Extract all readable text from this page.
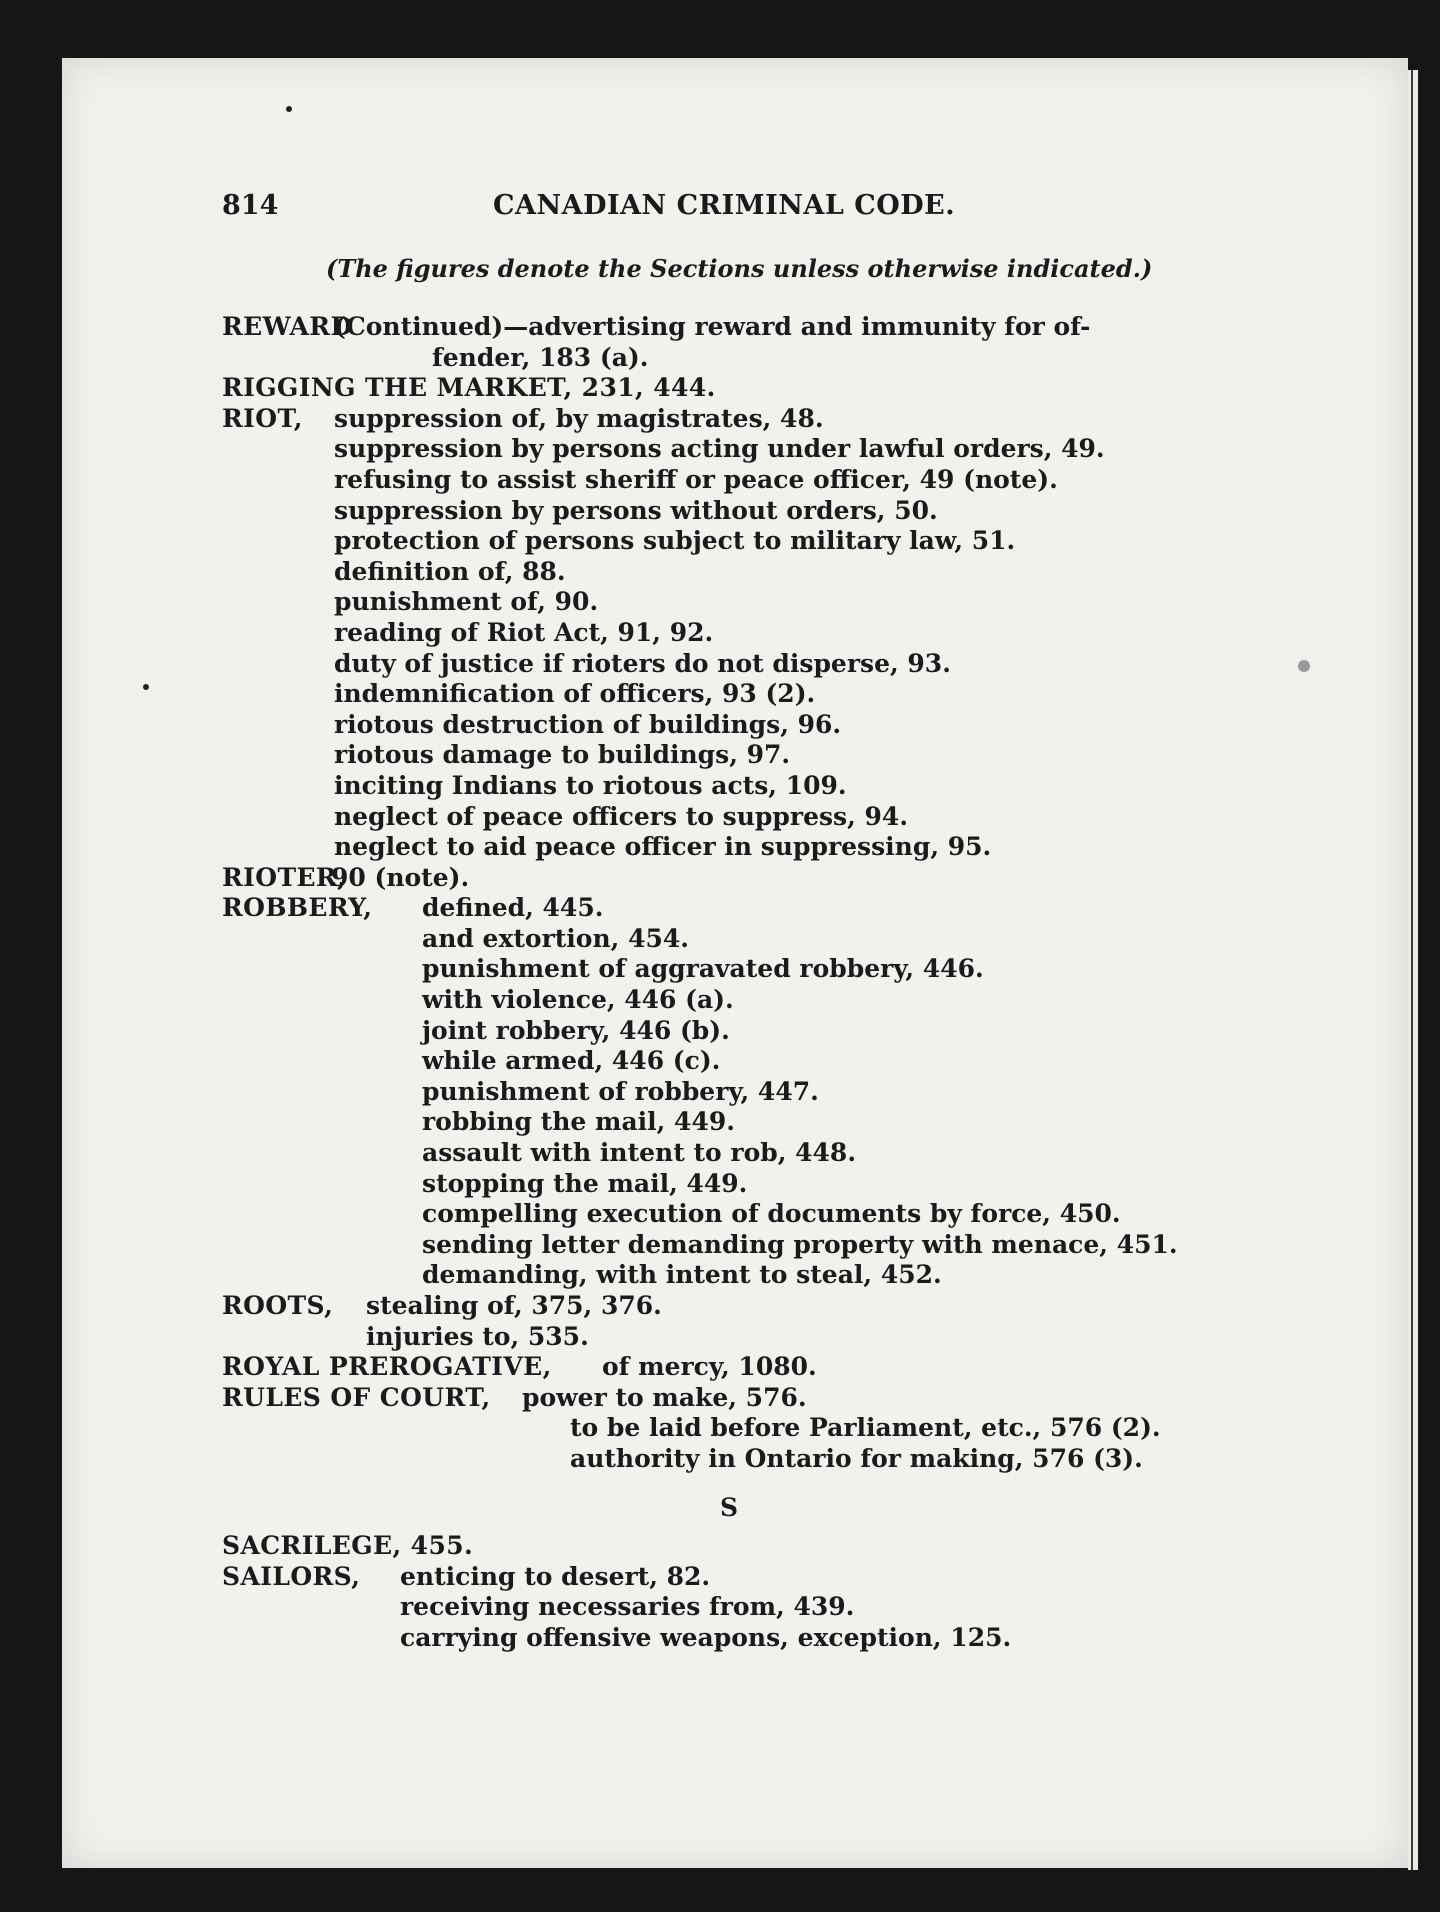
814	CANADIAN CRIMINAL CODE.
(The figures denote the Sections unless otherwise indicated.)
REWARD
(Continued)—advertising reward and immunity for of-
fender, 183 (a).
RIGGING THE MARKET, 231, 444.
RIOT, suppression of, by magistrates, 48.
suppression by persons acting under lawful orders, 49.
refusing to assist sheriff or peace officer, 49 (note).
suppression by persons without orders, 50.
protection of persons subject to military law, 51.
definition of, 88.
punishment of, 90.
reading of Riot Act, 91, 92.
duty of justice if rioters do not disperse, 93.
indemnification of officers, 93 (2).
riotous destruction of buildings, 96.
riotous damage to buildings, 97.
inciting Indians to riotous acts, 109.
neglect of peace officers to suppress, 94.
neglect to aid peace officer in suppressing, 95.
RIOTER,
90 (note).
ROBBERY, defined, 445.
and extortion, 454.
punishment of aggravated robbery, 446.
with violence, 446 (a).
joint robbery, 446 (b).
while armed, 446 (c).
punishment of robbery, 447.
robbing the mail, 449.
assault with intent to rob, 448.
stopping the mail, 449.
compelling execution of documents by force, 450.
sending letter demanding property with menace, 451.
demanding, with intent to steal, 452.
ROOTS, stealing of, 375, 376.
injuries to, 535.
ROYAL PREROGATIVE, of mercy, 1080.
RULES OF COURT, power to make, 576.
to be laid before Parliament, etc., 576 (2).
authority in Ontario for making, 576 (3).
S
SACRILEGE, 455.
SAILORS, enticing to desert, 82.
receiving necessaries from, 439.
carrying offensive weapons, exception, 125.
